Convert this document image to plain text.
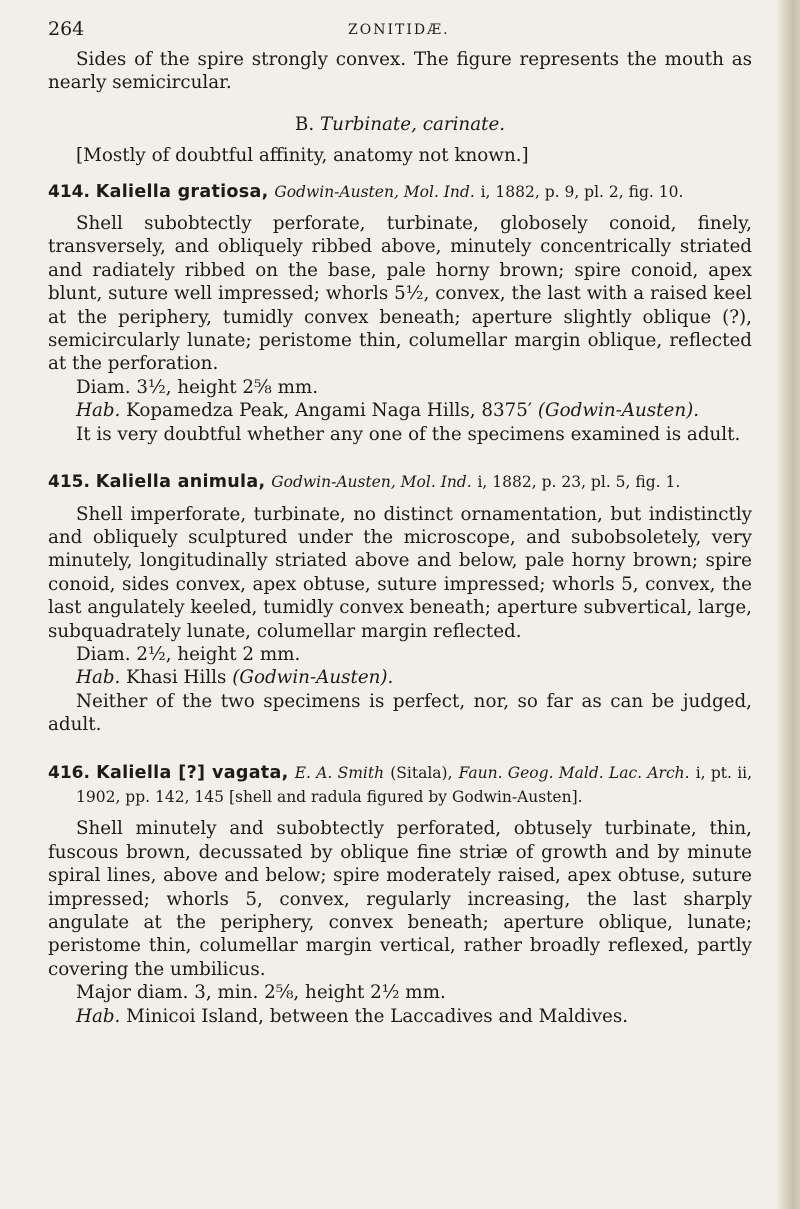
264	ZONITIDÆ.

Sides of the spire strongly convex. The figure represents the mouth as nearly semicircular.

B. Turbinate, carinate.

[Mostly of doubtful affinity, anatomy not known.]

414. Kaliella gratiosa, Godwin-Austen, Mol. Ind. i, 1882, p. 9, pl. 2, fig. 10.

Shell subobtectly perforate, turbinate, globosely conoid, finely, transversely, and obliquely ribbed above, minutely concentrically striated and radiately ribbed on the base, pale horny brown; spire conoid, apex blunt, suture well impressed; whorls 5½, convex, the last with a raised keel at the periphery, tumidly convex beneath; aperture slightly oblique (?), semicircularly lunate; peristome thin, columellar margin oblique, reflected at the perforation.

Diam. 3½, height 2⅝ mm.

Hab. Kopamedza Peak, Angami Naga Hills, 8375′ (Godwin-Austen).

It is very doubtful whether any one of the specimens examined is adult.

415. Kaliella animula, Godwin-Austen, Mol. Ind. i, 1882, p. 23, pl. 5, fig. 1.

Shell imperforate, turbinate, no distinct ornamentation, but indistinctly and obliquely sculptured under the microscope, and subobsoletely, very minutely, longitudinally striated above and below, pale horny brown; spire conoid, sides convex, apex obtuse, suture impressed; whorls 5, convex, the last angulately keeled, tumidly convex beneath; aperture subvertical, large, subquadrately lunate, columellar margin reflected.

Diam. 2½, height 2 mm.

Hab. Khasi Hills (Godwin-Austen).

Neither of the two specimens is perfect, nor, so far as can be judged, adult.

416. Kaliella [?] vagata, E. A. Smith (Sitala), Faun. Geog. Mald. Lac. Arch. i, pt. ii, 1902, pp. 142, 145 [shell and radula figured by Godwin-Austen].

Shell minutely and subobtectly perforated, obtusely turbinate, thin, fuscous brown, decussated by oblique fine striæ of growth and by minute spiral lines, above and below; spire moderately raised, apex obtuse, suture impressed; whorls 5, convex, regularly increasing, the last sharply angulate at the periphery, convex beneath; aperture oblique, lunate; peristome thin, columellar margin vertical, rather broadly reflexed, partly covering the umbilicus.

Major diam. 3, min. 2⅝, height 2½ mm.

Hab. Minicoi Island, between the Laccadives and Maldives.
